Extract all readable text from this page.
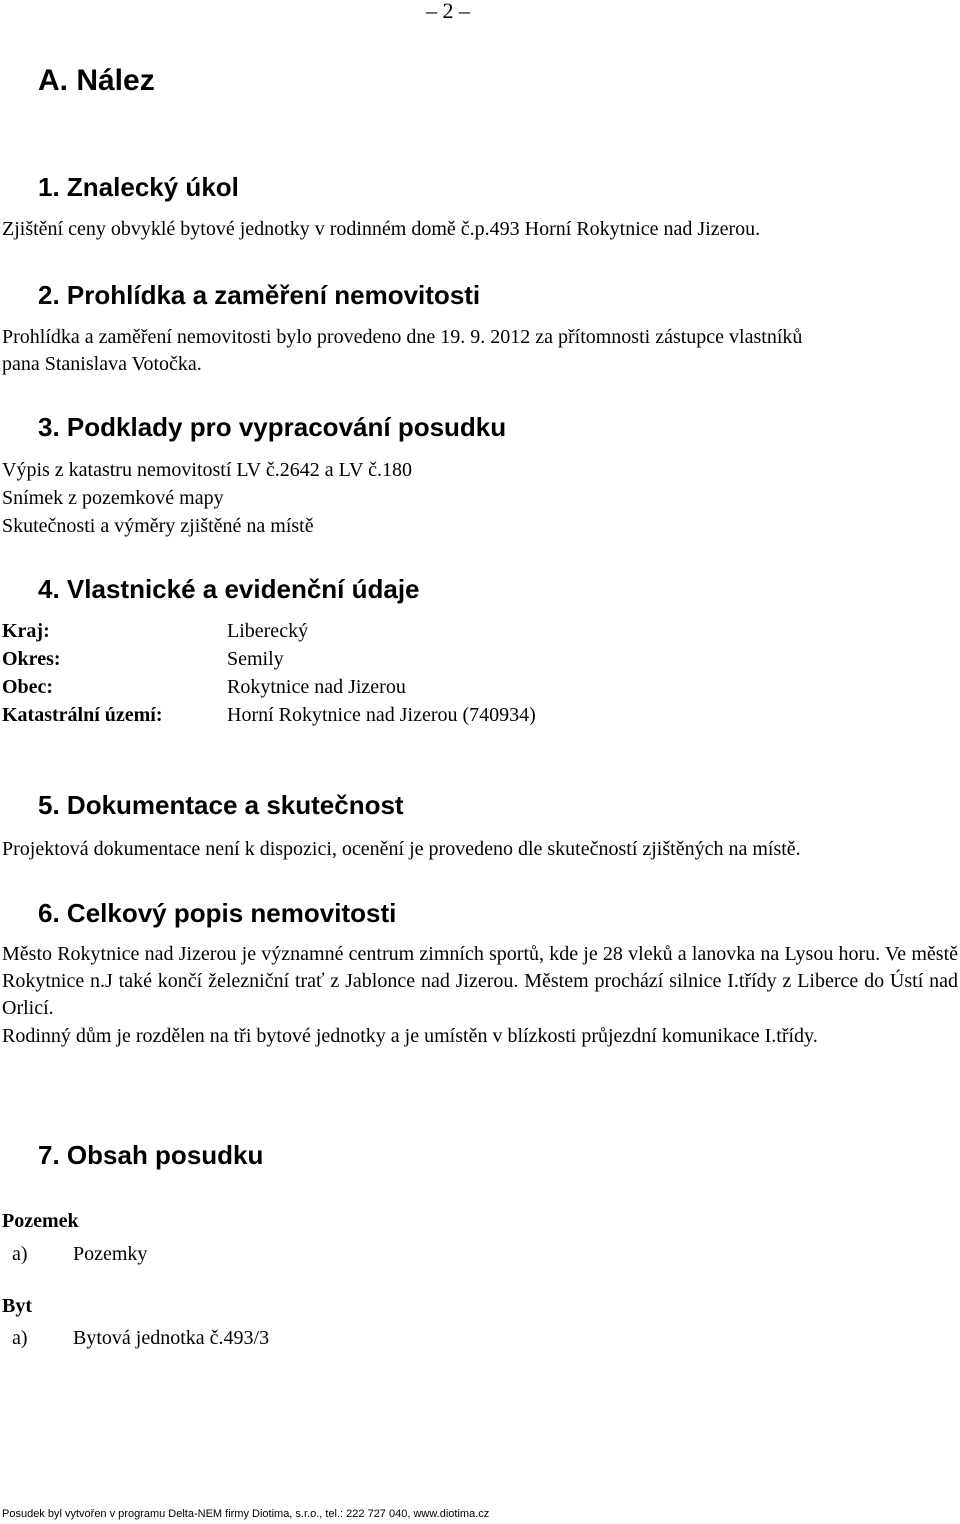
– 2 –
A. Nález
1. Znalecký úkol
Zjištění ceny obvyklé bytové jednotky v rodinném domě č.p.493 Horní Rokytnice nad Jizerou.
2. Prohlídka a zaměření nemovitosti
Prohlídka a zaměření nemovitosti bylo provedeno dne 19. 9. 2012 za přítomnosti zástupce vlastníků
pana Stanislava Votočka.
3. Podklady pro vypracování posudku
Výpis z katastru nemovitostí LV č.2642 a LV č.180
Snímek z pozemkové mapy
Skutečnosti a výměry zjištěné na místě
4. Vlastnické a evidenční údaje
Kraj:	Liberecký
Okres:	Semily
Obec:	Rokytnice nad Jizerou
Katastrální území:	Horní Rokytnice nad Jizerou (740934)
5. Dokumentace a skutečnost
Projektová dokumentace není k dispozici, ocenění je provedeno dle skutečností zjištěných na místě.
6. Celkový popis nemovitosti
Město Rokytnice nad Jizerou je významné centrum zimních sportů, kde je 28 vleků a lanovka na Lysou horu. Ve městě Rokytnice n.J také končí železniční trať z Jablonce nad Jizerou. Městem prochází silnice I.třídy z Liberce do Ústí nad Orlicí.
Rodinný dům je rozdělen na tři bytové jednotky a je umístěn v blízkosti průjezdní komunikace I.třídy.
7. Obsah posudku
Pozemek
a) Pozemky
Byt
a) Bytová jednotka č.493/3
Posudek byl vytvořen v programu Delta-NEM firmy Diotima, s.r.o., tel.: 222 727 040, www.diotima.cz
